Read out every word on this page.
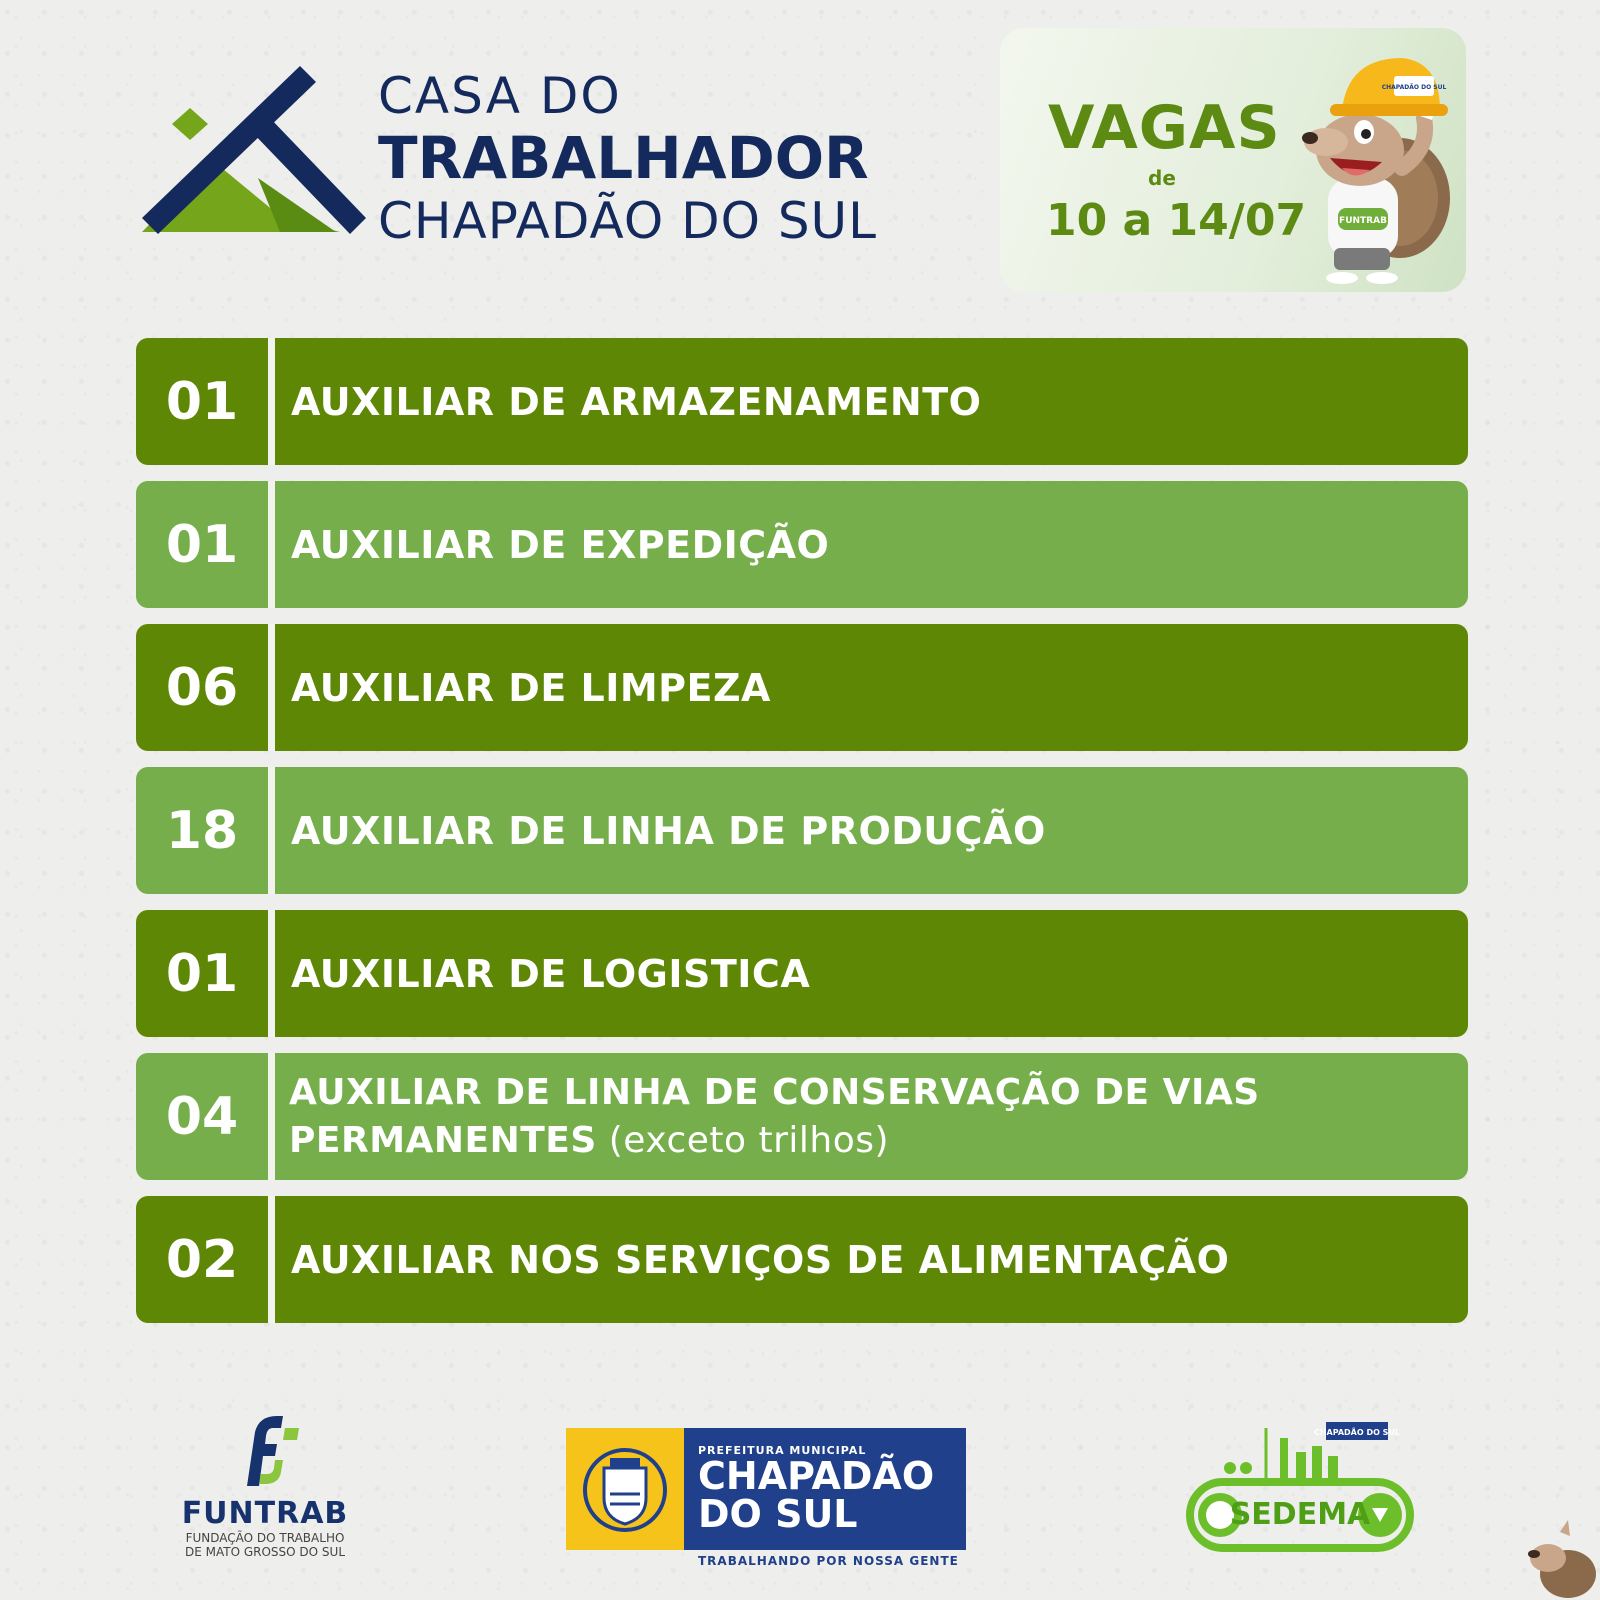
CASA DO
TRABALHADOR
CHAPADÃO DO SUL
VAGAS
de
10 a 14/07	FUNTRAB
CHAPADÃO DO SUL
01	AUXILIAR DE ARMAZENAMENTO
01	AUXILIAR DE EXPEDIÇÃO
06	AUXILIAR DE LIMPEZA
18	AUXILIAR DE LINHA DE PRODUÇÃO
01	AUXILIAR DE LOGISTICA
04	AUXILIAR DE LINHA DE CONSERVAÇÃO DE VIAS PERMANENTES (exceto trilhos)
02	AUXILIAR NOS SERVIÇOS DE ALIMENTAÇÃO
FUNTRAB
FUNDAÇÃO DO TRABALHO
DE MATO GROSSO DO SUL
PREFEITURA MUNICIPAL
CHAPADÃO
DO SUL
TRABALHANDO POR NOSSA GENTE
CHAPADÃO DO SUL
SEDEMA
